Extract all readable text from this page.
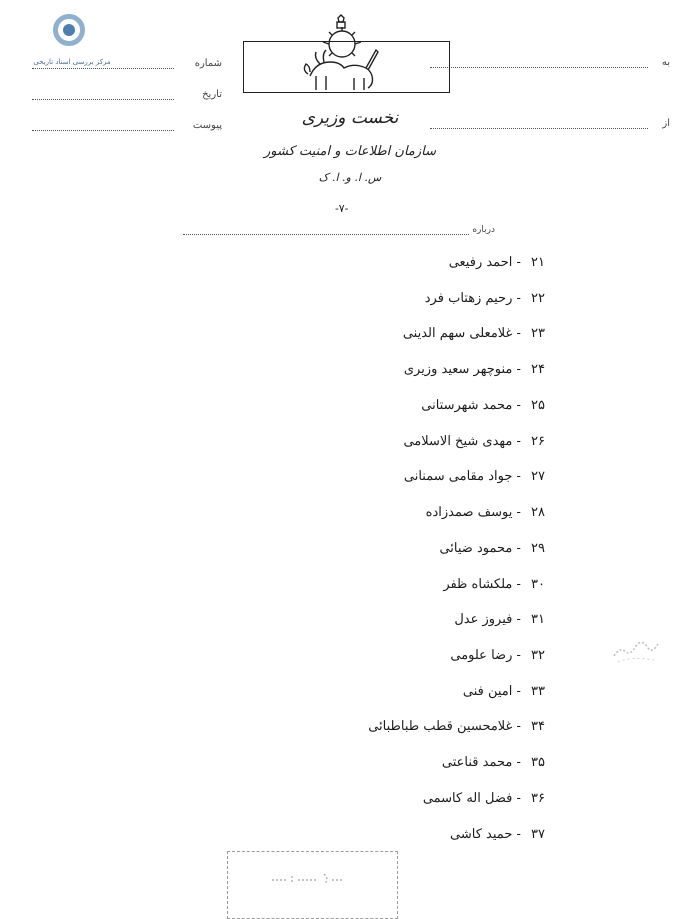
مرکز بررسی اسناد تاریخی	شماره
تاریخ
پیوست
به
از
نخست وزیری
سازمان اطلاعات و امنیت کشور
س. ا. و. ا. ک
-۷-
درباره
۲۱ - احمد رفیعی
۲۲ - رحیم زهتاب فرد
۲۳ - غلامعلی سهم الدینی
۲۴ - منوچهر سعید وزیری
۲۵ - محمد شهرستانی
۲۶ - مهدی شیخ الاسلامی
۲۷ - جواد مقامی سمنانی
۲۸ - یوسف صمدزاده
۲۹ - محمود ضیائی
۳۰ - ملکشاه ظفر
۳۱ - فیروز عدل
۳۲ - رضا علومی
۳۳ - امین فنی
۳۴ - غلامحسین قطب طباطبائی
۳۵ - محمد قناعتی
۳۶ - فضل اله کاسمی
۳۷ - حمید کاشی
